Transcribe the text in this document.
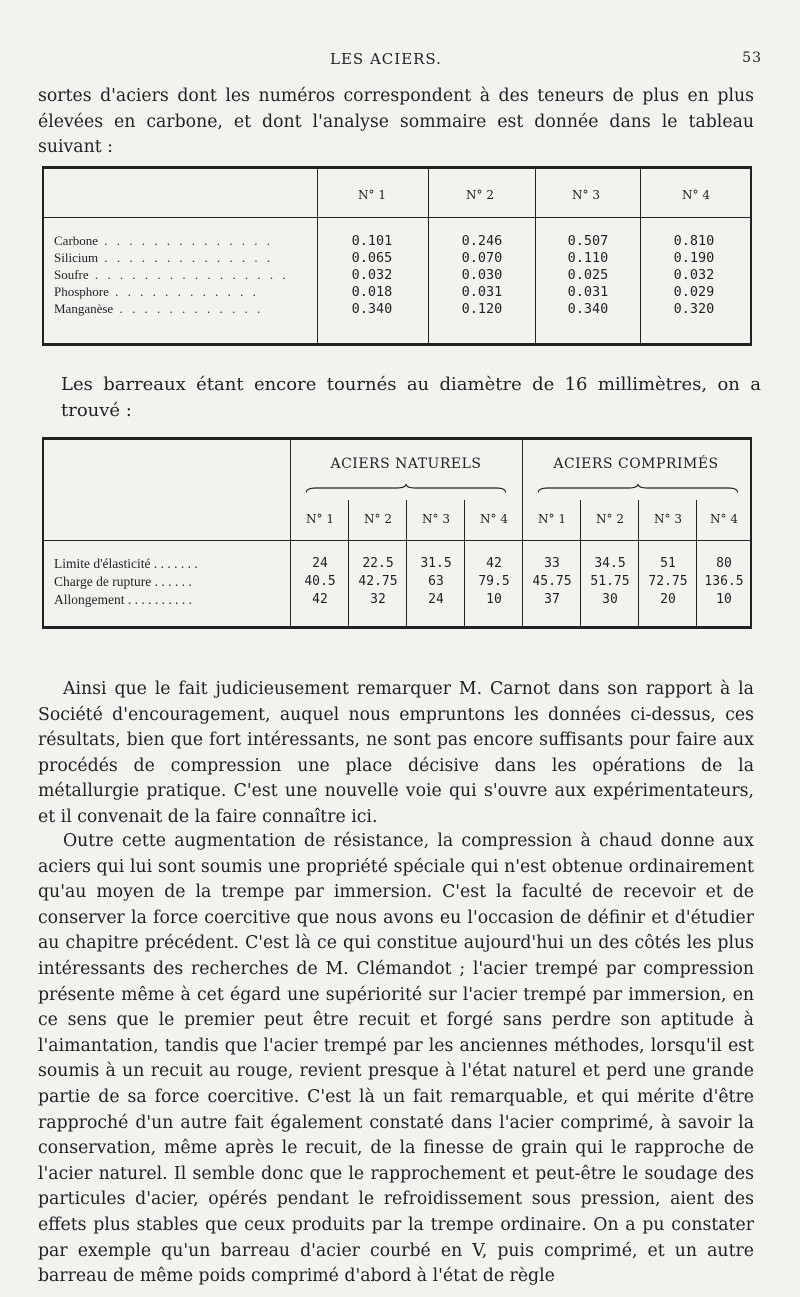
LES ACIERS.	53

sortes d'aciers dont les numéros correspondent à des teneurs de plus en plus élevées en carbone, et dont l'analyse sommaire est donnée dans le tableau suivant :

N° 1	N° 2	N° 3	N° 4
Carbone . . . . . . . . . . . . . .	0.101	0.246	0.507	0.810
Silicium . . . . . . . . . . . . . .	0.065	0.070	0.110	0.190
Soufre . . . . . . . . . . . . . . . .	0.032	0.030	0.025	0.032
Phosphore . . . . . . . . . . . .	0.018	0.031	0.031	0.029
Manganèse . . . . . . . . . . . .	0.340	0.120	0.340	0.320

Les barreaux étant encore tournés au diamètre de 16 millimètres, on a trouvé :

ACIERS NATURELS	ACIERS COMPRIMÉS
N° 1	N° 2	N° 3	N° 4	N° 1	N° 2	N° 3	N° 4
Limite d'élasticité . . . . . . .	24	22.5	31.5	42	33	34.5	51	80
Charge de rupture . . . . . .	40.5	42.75	63	79.5	45.75	51.75	72.75	136.5
Allongement . . . . . . . . . .	42	32	24	10	37	30	20	10

Ainsi que le fait judicieusement remarquer M. Carnot dans son rapport à la Société d'encouragement, auquel nous empruntons les données ci-dessus, ces résultats, bien que fort intéressants, ne sont pas encore suffisants pour faire aux procédés de compression une place décisive dans les opérations de la métallurgie pratique. C'est une nouvelle voie qui s'ouvre aux expérimentateurs, et il convenait de la faire connaître ici.

Outre cette augmentation de résistance, la compression à chaud donne aux aciers qui lui sont soumis une propriété spéciale qui n'est obtenue ordinairement qu'au moyen de la trempe par immersion. C'est la faculté de recevoir et de conserver la force coercitive que nous avons eu l'occasion de définir et d'étudier au chapitre précédent. C'est là ce qui constitue aujourd'hui un des côtés les plus intéressants des recherches de M. Clémandot ; l'acier trempé par compression présente même à cet égard une supériorité sur l'acier trempé par immersion, en ce sens que le premier peut être recuit et forgé sans perdre son aptitude à l'aimantation, tandis que l'acier trempé par les anciennes méthodes, lorsqu'il est soumis à un recuit au rouge, revient presque à l'état naturel et perd une grande partie de sa force coercitive. C'est là un fait remarquable, et qui mérite d'être rapproché d'un autre fait également constaté dans l'acier comprimé, à savoir la conservation, même après le recuit, de la finesse de grain qui le rapproche de l'acier naturel. Il semble donc que le rapprochement et peut-être le soudage des particules d'acier, opérés pendant le refroidissement sous pression, aient des effets plus stables que ceux produits par la trempe ordinaire. On a pu constater par exemple qu'un barreau d'acier courbé en V, puis comprimé, et un autre barreau de même poids comprimé d'abord à l'état de règle
